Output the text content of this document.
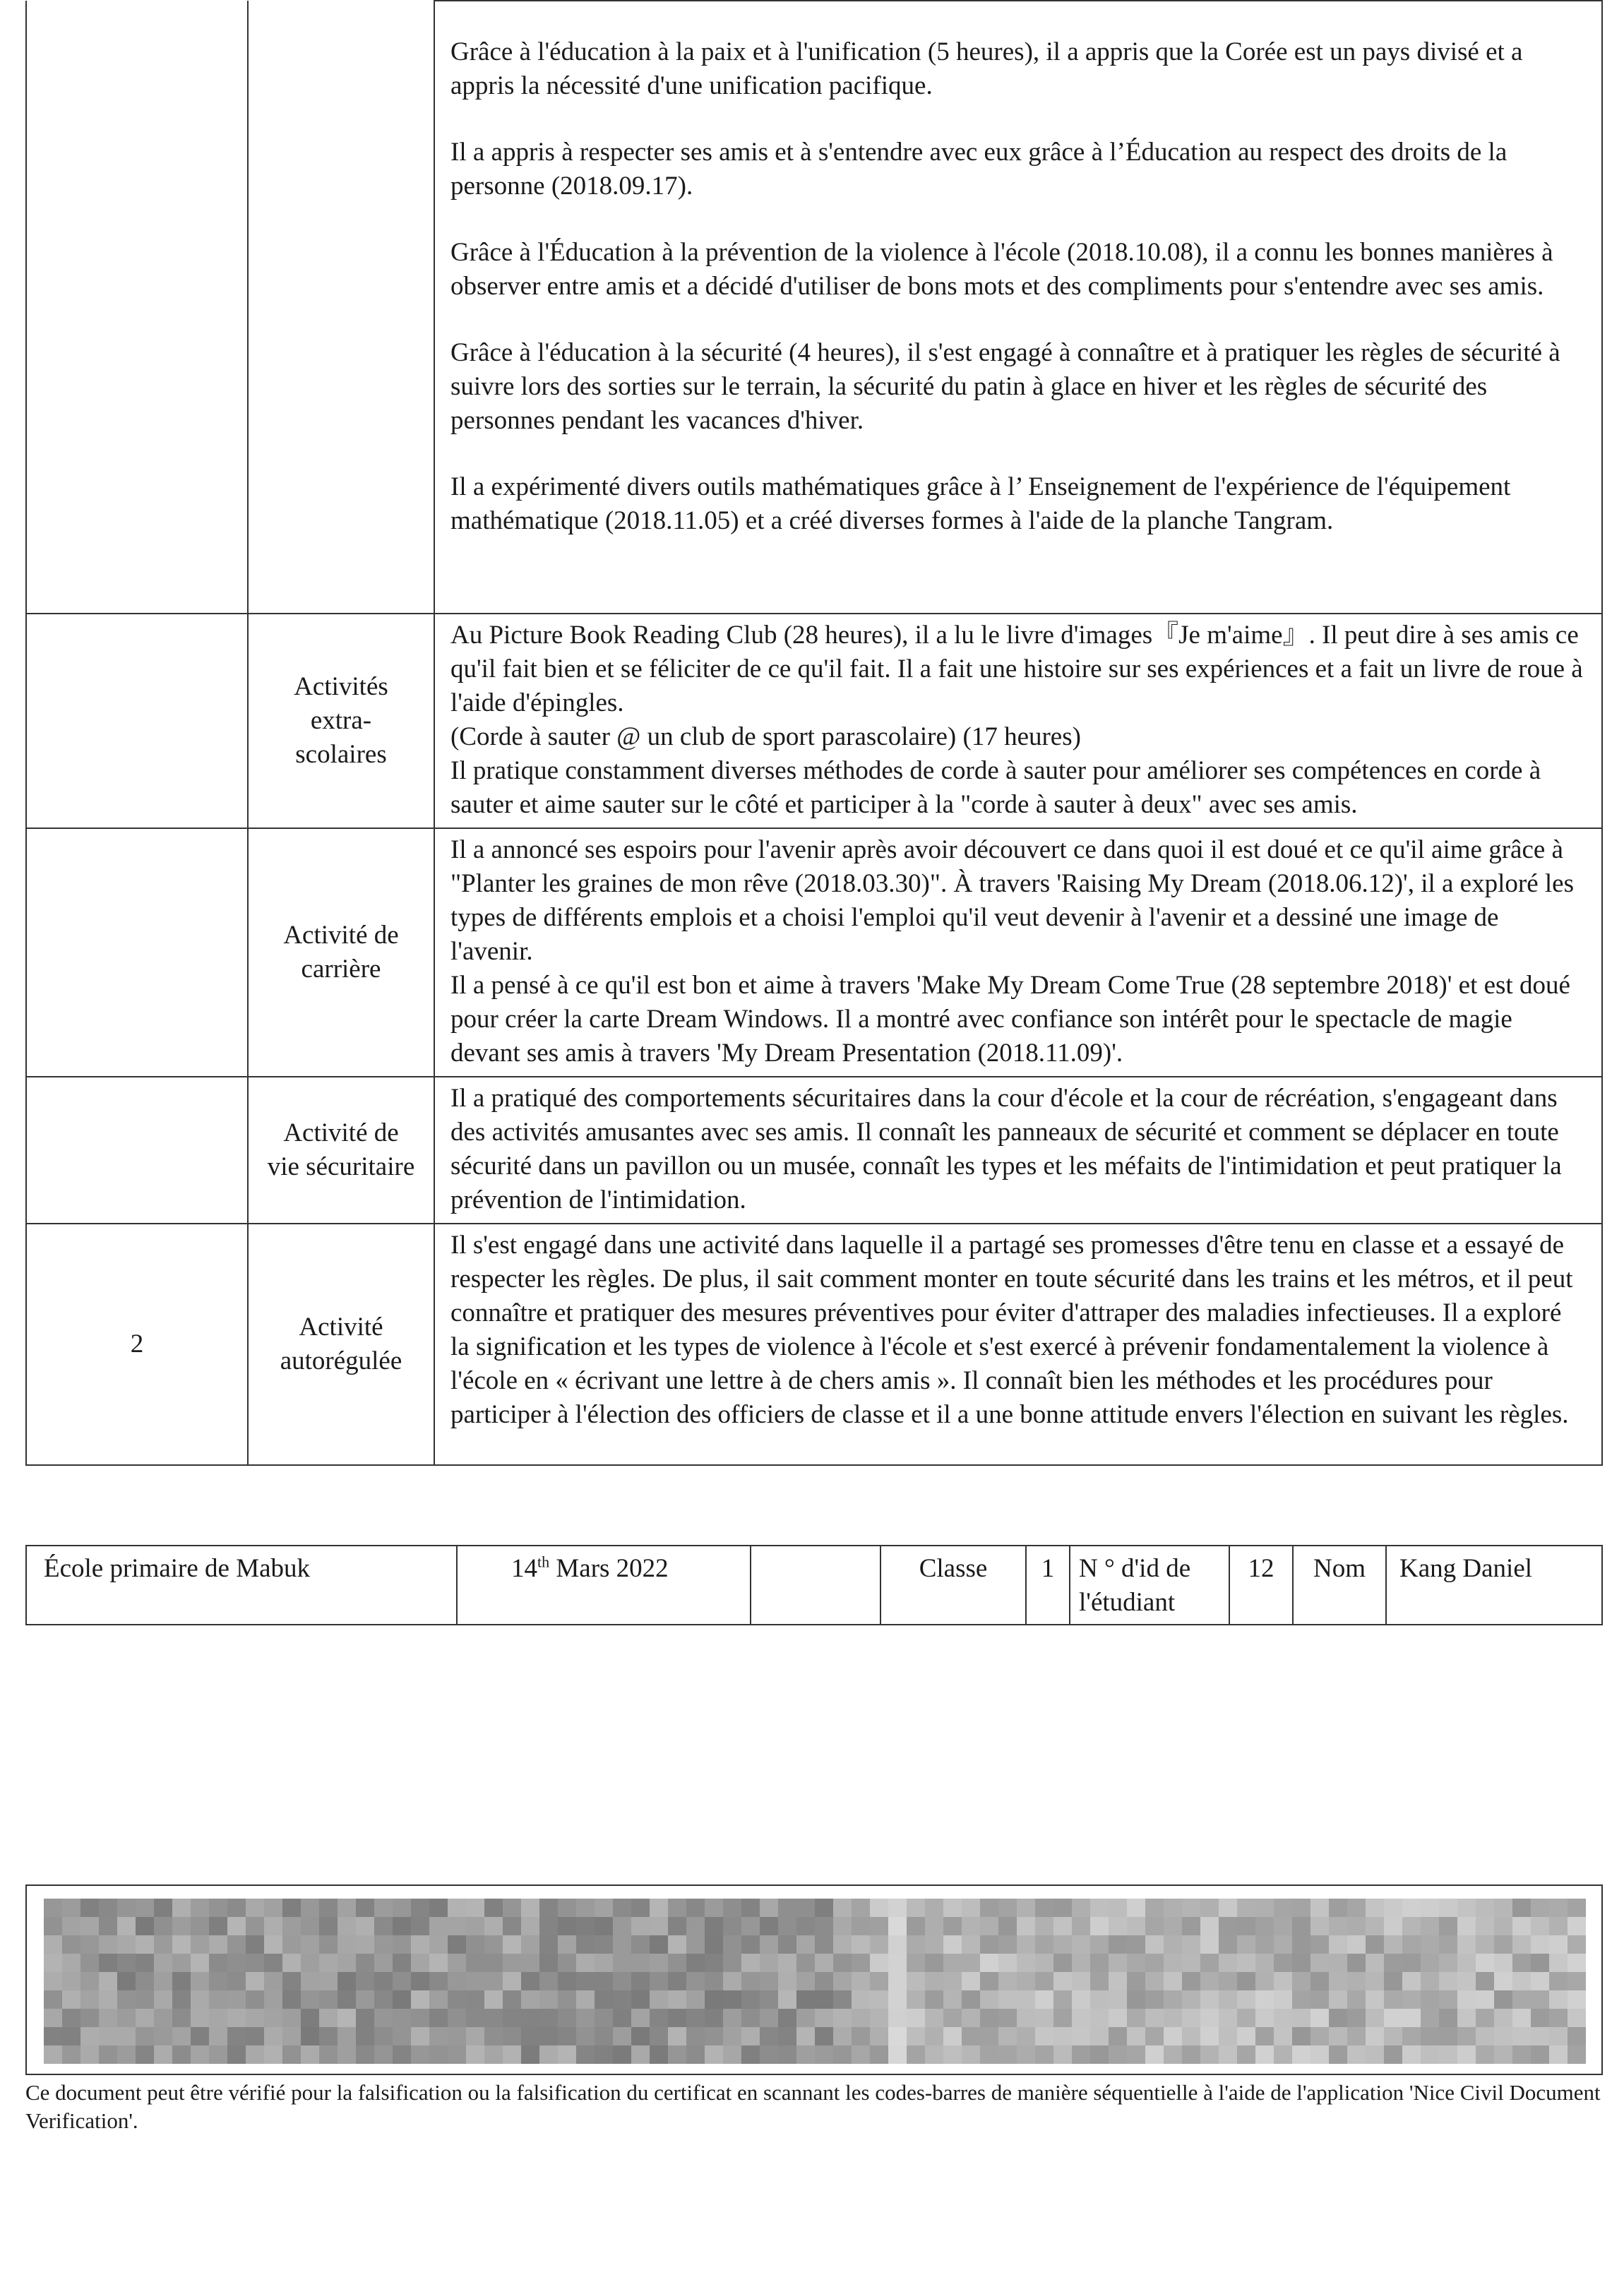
		Grâce à l'éducation à la paix et à l'unification (5 heures), il a appris que la Corée est un pays divisé et a appris la nécessité d'une unification pacifique.

Il a appris à respecter ses amis et à s'entendre avec eux grâce à l’Éducation au respect des droits de la personne (2018.09.17).

Grâce à l'Éducation à la prévention de la violence à l'école (2018.10.08), il a connu les bonnes manières à observer entre amis et a décidé d'utiliser de bons mots et des compliments pour s'entendre avec ses amis.

Grâce à l'éducation à la sécurité (4 heures), il s'est engagé à connaître et à pratiquer les règles de sécurité à suivre lors des sorties sur le terrain, la sécurité du patin à glace en hiver et les règles de sécurité des personnes pendant les vacances d'hiver.

Il a expérimenté divers outils mathématiques grâce à l’ Enseignement de l'expérience de l'équipement mathématique (2018.11.05) et a créé diverses formes à l'aide de la planche Tangram.

	Activités extra-scolaires	Au Picture Book Reading Club (28 heures), il a lu le livre d'images『Je m'aime』. Il peut dire à ses amis ce qu'il fait bien et se féliciter de ce qu'il fait. Il a fait une histoire sur ses expériences et a fait un livre de roue à l'aide d'épingles.
(Corde à sauter @ un club de sport parascolaire) (17 heures)
Il pratique constamment diverses méthodes de corde à sauter pour améliorer ses compétences en corde à sauter et aime sauter sur le côté et participer à la "corde à sauter à deux" avec ses amis.

	Activité de carrière	Il a annoncé ses espoirs pour l'avenir après avoir découvert ce dans quoi il est doué et ce qu'il aime grâce à "Planter les graines de mon rêve (2018.03.30)". À travers 'Raising My Dream (2018.06.12)', il a exploré les types de différents emplois et a choisi l'emploi qu'il veut devenir à l'avenir et a dessiné une image de l'avenir.
Il a pensé à ce qu'il est bon et aime à travers 'Make My Dream Come True (28 septembre 2018)' et est doué pour créer la carte Dream Windows. Il a montré avec confiance son intérêt pour le spectacle de magie devant ses amis à travers 'My Dream Presentation (2018.11.09)'.

	Activité de vie sécuritaire	Il a pratiqué des comportements sécuritaires dans la cour d'école et la cour de récréation, s'engageant dans des activités amusantes avec ses amis. Il connaît les panneaux de sécurité et comment se déplacer en toute sécurité dans un pavillon ou un musée, connaît les types et les méfaits de l'intimidation et peut pratiquer la prévention de l'intimidation.

2	Activité autorégulée	Il s'est engagé dans une activité dans laquelle il a partagé ses promesses d'être tenu en classe et a essayé de respecter les règles. De plus, il sait comment monter en toute sécurité dans les trains et les métros, et il peut connaître et pratiquer des mesures préventives pour éviter d'attraper des maladies infectieuses. Il a exploré la signification et les types de violence à l'école et s'est exercé à prévenir fondamentalement la violence à l'école en « écrivant une lettre à de chers amis ». Il connaît bien les méthodes et les procédures pour participer à l'élection des officiers de classe et il a une bonne attitude envers l'élection en suivant les règles.
École primaire de Mabuk	14th Mars 2022		Classe	1	N ° d'id de l'étudiant	12	Nom	Kang Daniel
Ce document peut être vérifié pour la falsification ou la falsification du certificat en scannant les codes-barres de manière séquentielle à l'aide de l'application 'Nice Civil Document Verification'.
